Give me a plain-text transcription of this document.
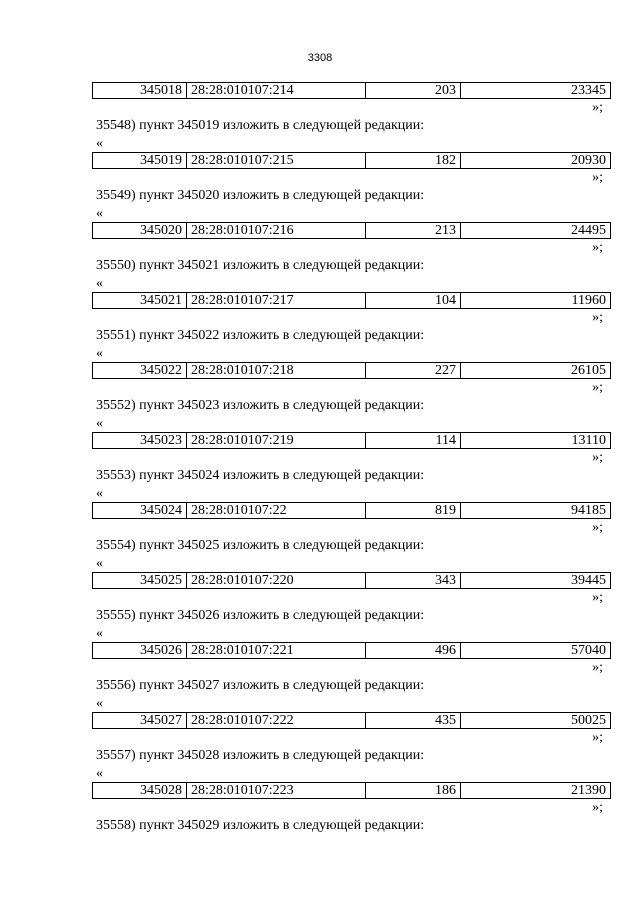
3308
345018	28:28:010107:214	203	23345
»;
35548) пункт 345019 изложить в следующей редакции:
«
345019	28:28:010107:215	182	20930
»;
35549) пункт 345020 изложить в следующей редакции:
«
345020	28:28:010107:216	213	24495
»;
35550) пункт 345021 изложить в следующей редакции:
«
345021	28:28:010107:217	104	11960
»;
35551) пункт 345022 изложить в следующей редакции:
«
345022	28:28:010107:218	227	26105
»;
35552) пункт 345023 изложить в следующей редакции:
«
345023	28:28:010107:219	114	13110
»;
35553) пункт 345024 изложить в следующей редакции:
«
345024	28:28:010107:22	819	94185
»;
35554) пункт 345025 изложить в следующей редакции:
«
345025	28:28:010107:220	343	39445
»;
35555) пункт 345026 изложить в следующей редакции:
«
345026	28:28:010107:221	496	57040
»;
35556) пункт 345027 изложить в следующей редакции:
«
345027	28:28:010107:222	435	50025
»;
35557) пункт 345028 изложить в следующей редакции:
«
345028	28:28:010107:223	186	21390
»;
35558) пункт 345029 изложить в следующей редакции:
